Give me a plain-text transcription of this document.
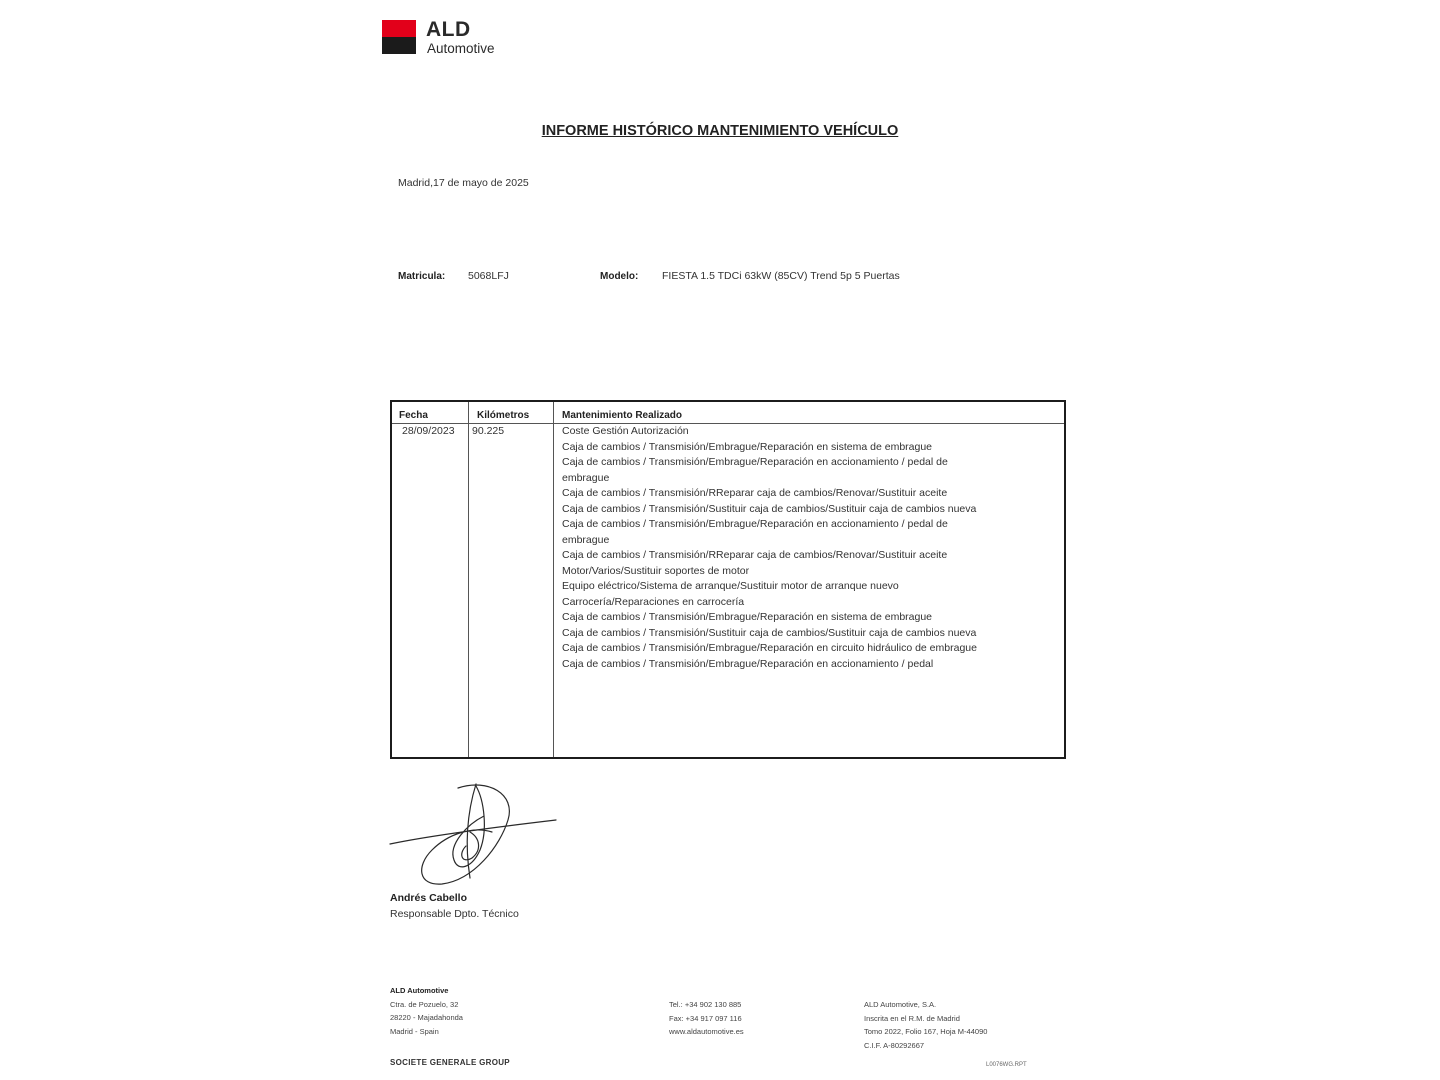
ALD
Automotive
INFORME HISTÓRICO MANTENIMIENTO VEHÍCULO
Madrid,17 de mayo de 2025
Matricula: 5068LFJ	Modelo: FIESTA 1.5 TDCi 63kW (85CV) Trend 5p 5 Puertas
Fecha	Kilómetros	Mantenimiento Realizado
28/09/2023 90.225	Coste Gestión Autorización
Caja de cambios / Transmisión/Embrague/Reparación en sistema de embrague
Caja de cambios / Transmisión/Embrague/Reparación en accionamiento / pedal de embrague
Caja de cambios / Transmisión/RReparar caja de cambios/Renovar/Sustituir aceite
Caja de cambios / Transmisión/Sustituir caja de cambios/Sustituir caja de cambios nueva
Caja de cambios / Transmisión/Embrague/Reparación en accionamiento / pedal de embrague
Caja de cambios / Transmisión/RReparar caja de cambios/Renovar/Sustituir aceite
Motor/Varios/Sustituir soportes de motor
Equipo eléctrico/Sistema de arranque/Sustituir motor de arranque nuevo
Carrocería/Reparaciones en carrocería
Caja de cambios / Transmisión/Embrague/Reparación en sistema de embrague
Caja de cambios / Transmisión/Sustituir caja de cambios/Sustituir caja de cambios nueva
Caja de cambios / Transmisión/Embrague/Reparación en circuito hidráulico de embrague
Caja de cambios / Transmisión/Embrague/Reparación en accionamiento / pedal
Andrés Cabello
Responsable Dpto. Técnico
ALD Automotive
Ctra. de Pozuelo, 32
28220 - Majadahonda
Madrid - Spain
Tel.: +34 902 130 885
Fax: +34 917 097 116
www.aldautomotive.es
ALD Automotive, S.A.
Inscrita en el R.M. de Madrid
Tomo 2022, Folio 167, Hoja M-44090
C.I.F. A-80292667
SOCIETE GENERALE GROUP	L0076WG.RPT
